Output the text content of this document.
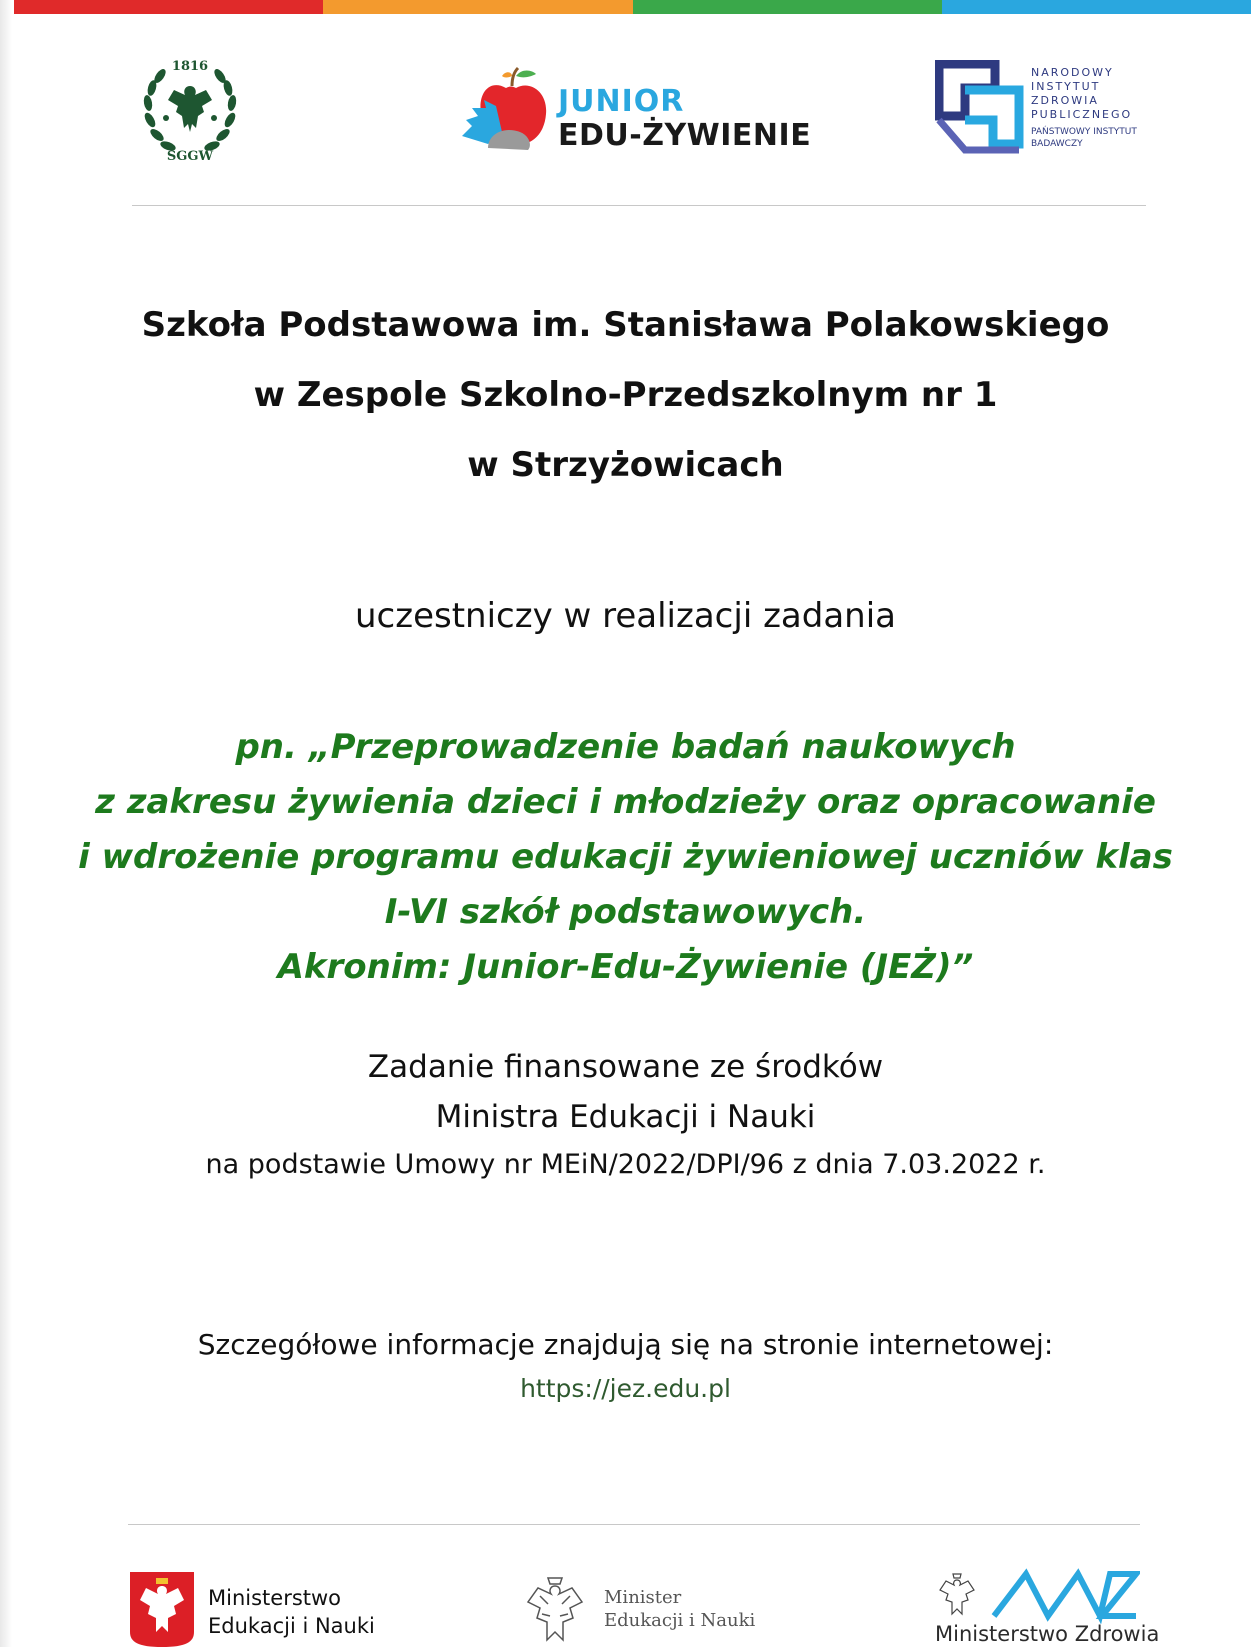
1816
SGGW
JUNIOR
EDU-ŻYWIENIE
NARODOWY
INSTYTUT
ZDROWIA
PUBLICZNEGO
PAŃSTWOWY INSTYTUT
BADAWCZY
Szkoła Podstawowa im. Stanisława Polakowskiego
w Zespole Szkolno-Przedszkolnym nr 1
w Strzyżowicach
uczestniczy w realizacji zadania
pn. „Przeprowadzenie badań naukowych
z zakresu żywienia dzieci i młodzieży oraz opracowanie
i wdrożenie programu edukacji żywieniowej uczniów klas
I-VI szkół podstawowych.
Akronim: Junior-Edu-Żywienie (JEŻ)”
Zadanie finansowane ze środków
Ministra Edukacji i Nauki
na podstawie Umowy nr MEiN/2022/DPI/96 z dnia 7.03.2022 r.
Szczegółowe informacje znajdują się na stronie internetowej:
https://jez.edu.pl
Ministerstwo
Edukacji i Nauki
Minister
Edukacji i Nauki
Ministerstwo Zdrowia
